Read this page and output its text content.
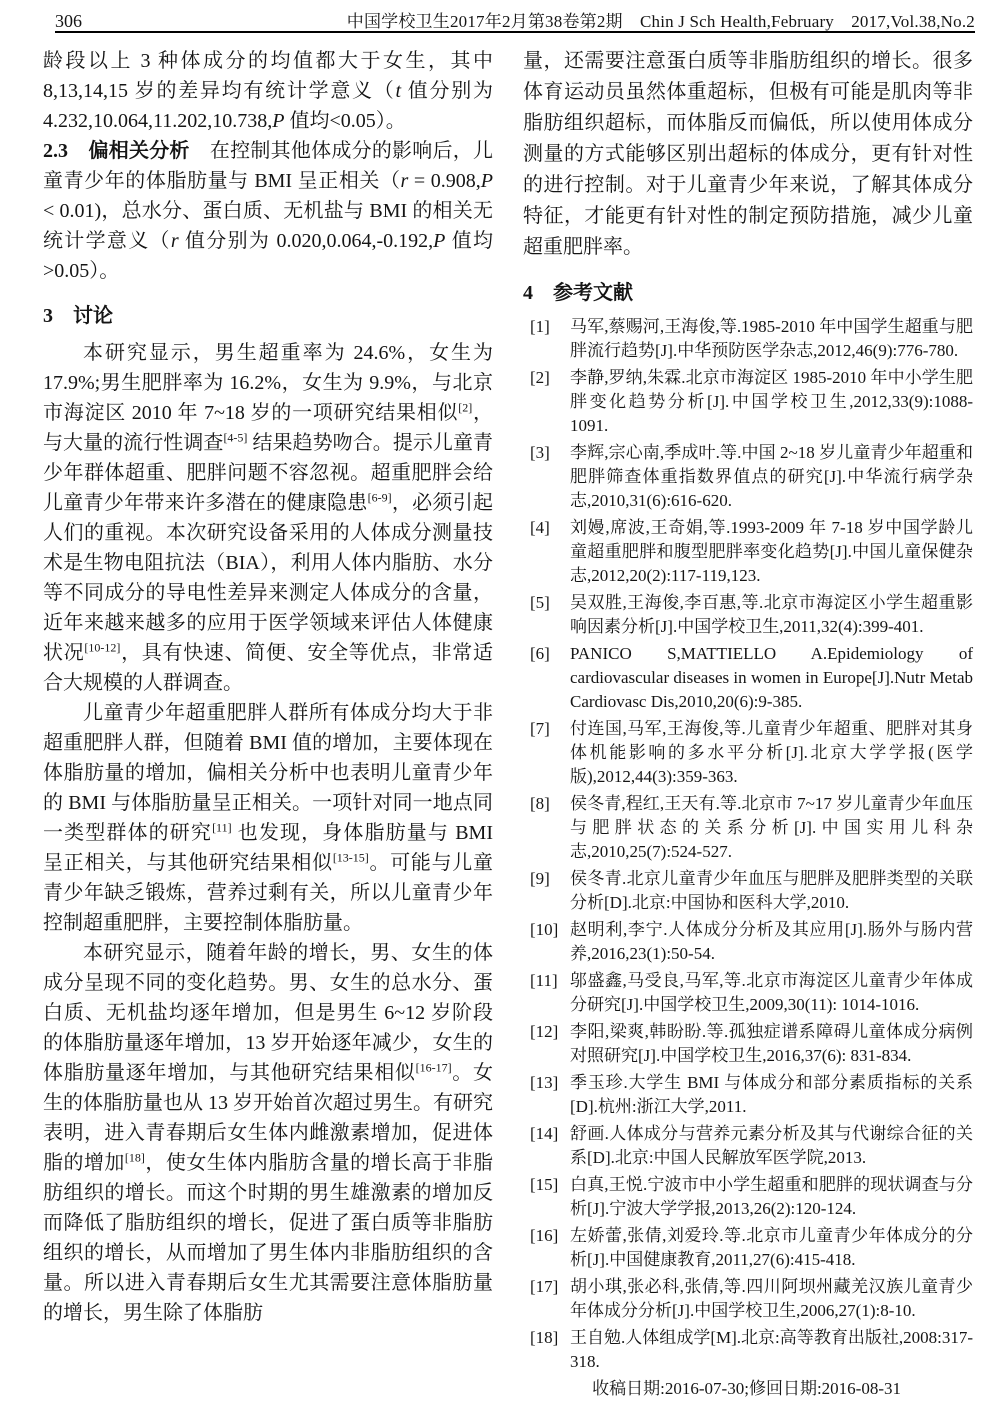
306	中国学校卫生2017年2月第38卷第2期　Chin J Sch Health,February　2017,Vol.38,No.2

龄段以上 3 种体成分的均值都大于女生，其中 8,13,14,15 岁的差异均有统计学意义（t 值分别为 4.232,10.064,11.202,10.738,P 值均<0.05）。

2.3　偏相关分析　在控制其他体成分的影响后，儿童青少年的体脂肪量与 BMI 呈正相关（r = 0.908,P < 0.01)，总水分、蛋白质、无机盐与 BMI 的相关无统计学意义（r 值分别为 0.020,0.064,-0.192,P 值均>0.05）。

3　讨论

本研究显示，男生超重率为 24.6%，女生为 17.9%;男生肥胖率为 16.2%，女生为 9.9%，与北京市海淀区 2010 年 7~18 岁的一项研究结果相似[2]，与大量的流行性调查[4-5] 结果趋势吻合。提示儿童青少年群体超重、肥胖问题不容忽视。超重肥胖会给儿童青少年带来许多潜在的健康隐患[6-9]，必须引起人们的重视。本次研究设备采用的人体成分测量技术是生物电阻抗法（BIA），利用人体内脂肪、水分等不同成分的导电性差异来测定人体成分的含量，近年来越来越多的应用于医学领域来评估人体健康状况[10-12]，具有快速、简便、安全等优点，非常适合大规模的人群调查。

儿童青少年超重肥胖人群所有体成分均大于非超重肥胖人群，但随着 BMI 值的增加，主要体现在体脂肪量的增加，偏相关分析中也表明儿童青少年的 BMI 与体脂肪量呈正相关。一项针对同一地点同一类型群体的研究[11] 也发现，身体脂肪量与 BMI 呈正相关，与其他研究结果相似[13-15]。可能与儿童青少年缺乏锻炼，营养过剩有关，所以儿童青少年控制超重肥胖，主要控制体脂肪量。

本研究显示，随着年龄的增长，男、女生的体成分呈现不同的变化趋势。男、女生的总水分、蛋白质、无机盐均逐年增加，但是男生 6~12 岁阶段的体脂肪量逐年增加，13 岁开始逐年减少，女生的体脂肪量逐年增加，与其他研究结果相似[16-17]。女生的体脂肪量也从 13 岁开始首次超过男生。有研究表明，进入青春期后女生体内雌激素增加，促进体脂的增加[18]，使女生体内脂肪含量的增长高于非脂肪组织的增长。而这个时期的男生雄激素的增加反而降低了脂肪组织的增长，促进了蛋白质等非脂肪组织的增长，从而增加了男生体内非脂肪组织的含量。所以进入青春期后女生尤其需要注意体脂肪量的增长，男生除了体脂肪

量，还需要注意蛋白质等非脂肪组织的增长。很多体育运动员虽然体重超标，但极有可能是肌肉等非脂肪组织超标，而体脂反而偏低，所以使用体成分测量的方式能够区别出超标的体成分，更有针对性的进行控制。对于儿童青少年来说，了解其体成分特征，才能更有针对性的制定预防措施，减少儿童超重肥胖率。

4　参考文献
[1] 马军,蔡赐河,王海俊,等.1985-2010 年中国学生超重与肥胖流行趋势[J].中华预防医学杂志,2012,46(9):776-780.
[2] 李静,罗纳,朱霖.北京市海淀区 1985-2010 年中小学生肥胖变化趋势分析[J].中国学校卫生,2012,33(9):1088-1091.
[3] 李辉,宗心南,季成叶.等.中国 2~18 岁儿童青少年超重和肥胖筛查体重指数界值点的研究[J].中华流行病学杂志,2010,31(6):616-620.
[4] 刘嫚,席波,王奇娟,等.1993-2009 年 7-18 岁中国学龄儿童超重肥胖和腹型肥胖率变化趋势[J].中国儿童保健杂志,2012,20(2):117-119,123.
[5] 吴双胜,王海俊,李百惠,等.北京市海淀区小学生超重影响因素分析[J].中国学校卫生,2011,32(4):399-401.
[6] PANICO S,MATTIELLO A.Epidemiology of cardiovascular diseases in women in Europe[J].Nutr Metab Cardiovasc Dis,2010,20(6):9-385.
[7] 付连国,马军,王海俊,等.儿童青少年超重、肥胖对其身体机能影响的多水平分析[J].北京大学学报(医学版),2012,44(3):359-363.
[8] 侯冬青,程红,王天有.等.北京市 7~17 岁儿童青少年血压与肥胖状态的关系分析[J].中国实用儿科杂志,2010,25(7):524-527.
[9] 侯冬青.北京儿童青少年血压与肥胖及肥胖类型的关联分析[D].北京:中国协和医科大学,2010.
[10] 赵明利,李宁.人体成分分析及其应用[J].肠外与肠内营养,2016,23(1):50-54.
[11] 邬盛鑫,马受良,马军,等.北京市海淀区儿童青少年体成分研究[J].中国学校卫生,2009,30(11): 1014-1016.
[12] 李阳,梁爽,韩盼盼.等.孤独症谱系障碍儿童体成分病例对照研究[J].中国学校卫生,2016,37(6): 831-834.
[13] 季玉珍.大学生 BMI 与体成分和部分素质指标的关系[D].杭州:浙江大学,2011.
[14] 舒画.人体成分与营养元素分析及其与代谢综合征的关系[D].北京:中国人民解放军医学院,2013.
[15] 白真,王悦.宁波市中小学生超重和肥胖的现状调查与分析[J].宁波大学学报,2013,26(2):120-124.
[16] 左娇蕾,张倩,刘爱玲.等.北京市儿童青少年体成分的分析[J].中国健康教育,2011,27(6):415-418.
[17] 胡小琪,张必科,张倩,等.四川阿坝州藏羌汉族儿童青少年体成分分析[J].中国学校卫生,2006,27(1):8-10.
[18] 王自勉.人体组成学[M].北京:高等教育出版社,2008:317-318.
收稿日期:2016-07-30;修回日期:2016-08-31
